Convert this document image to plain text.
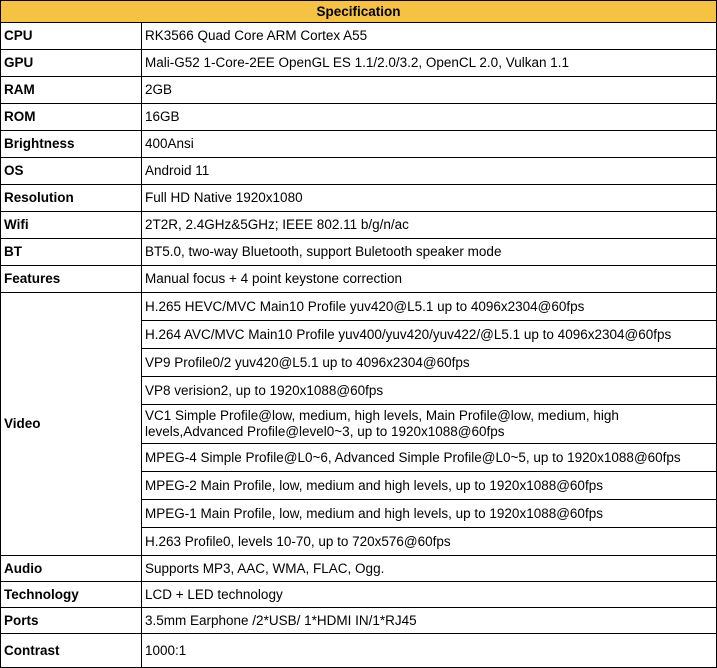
Specification	
CPU	RK3566 Quad Core ARM Cortex A55
GPU	Mali-G52 1-Core-2EE OpenGL ES 1.1/2.0/3.2, OpenCL 2.0, Vulkan 1.1
RAM	2GB
ROM	16GB
Brightness	400Ansi
OS	Android 11
Resolution	Full HD Native 1920x1080
Wifi	2T2R, 2.4GHz&5GHz; IEEE 802.11 b/g/n/ac
BT	BT5.0, two-way Bluetooth, support Buletooth speaker mode
Features	Manual focus + 4 point keystone correction
Video	H.265 HEVC/MVC Main10 Profile yuv420@L5.1 up to 4096x2304@60fps
	H.264 AVC/MVC Main10 Profile yuv400/yuv420/yuv422/@L5.1 up to 4096x2304@60fps
	VP9 Profile0/2 yuv420@L5.1 up to 4096x2304@60fps
	VP8 verision2, up to 1920x1088@60fps
	VC1 Simple Profile@low, medium, high levels, Main Profile@low, medium, high levels,Advanced Profile@level0~3, up to 1920x1088@60fps
	MPEG-4 Simple Profile@L0~6, Advanced Simple Profile@L0~5, up to 1920x1088@60fps
	MPEG-2 Main Profile, low, medium and high levels, up to 1920x1088@60fps
	MPEG-1 Main Profile, low, medium and high levels, up to 1920x1088@60fps
	H.263 Profile0, levels 10-70, up to 720x576@60fps
Audio	Supports MP3, AAC, WMA, FLAC, Ogg.
Technology	LCD + LED technology
Ports	3.5mm Earphone /2*USB/ 1*HDMI IN/1*RJ45
Contrast	1000:1
